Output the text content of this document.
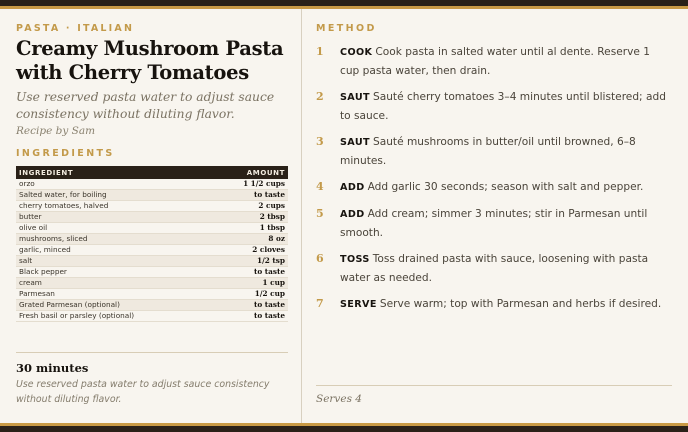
PASTA · ITALIAN
Creamy Mushroom Pasta with Cherry Tomatoes

Use reserved pasta water to adjust sauce consistency without diluting flavor.

Recipe by Sam

INGREDIENTS
INGREDIENT	AMOUNT
orzo	1 1/2 cups
Salted water, for boiling	to taste
cherry tomatoes, halved	2 cups
butter	2 tbsp
olive oil	1 tbsp
mushrooms, sliced	8 oz
garlic, minced	2 cloves
salt	1/2 tsp
Black pepper	to taste
cream	1 cup
Parmesan	1/2 cup
Grated Parmesan (optional)	to taste
Fresh basil or parsley (optional)	to taste
30 minutes

Use reserved pasta water to adjust sauce consistency without diluting flavor.

METHOD
1	COOK Cook pasta in salted water until al dente. Reserve 1 cup pasta water, then drain.
2	SAUT Sauté cherry tomatoes 3–4 minutes until blistered; add to sauce.
3	SAUT Sauté mushrooms in butter/oil until browned, 6–8 minutes.
4	ADD Add garlic 30 seconds; season with salt and pepper.
5	ADD Add cream; simmer 3 minutes; stir in Parmesan until smooth.
6	TOSS Toss drained pasta with sauce, loosening with pasta water as needed.
7	SERVE Serve warm; top with Parmesan and herbs if desired.
Serves 4
